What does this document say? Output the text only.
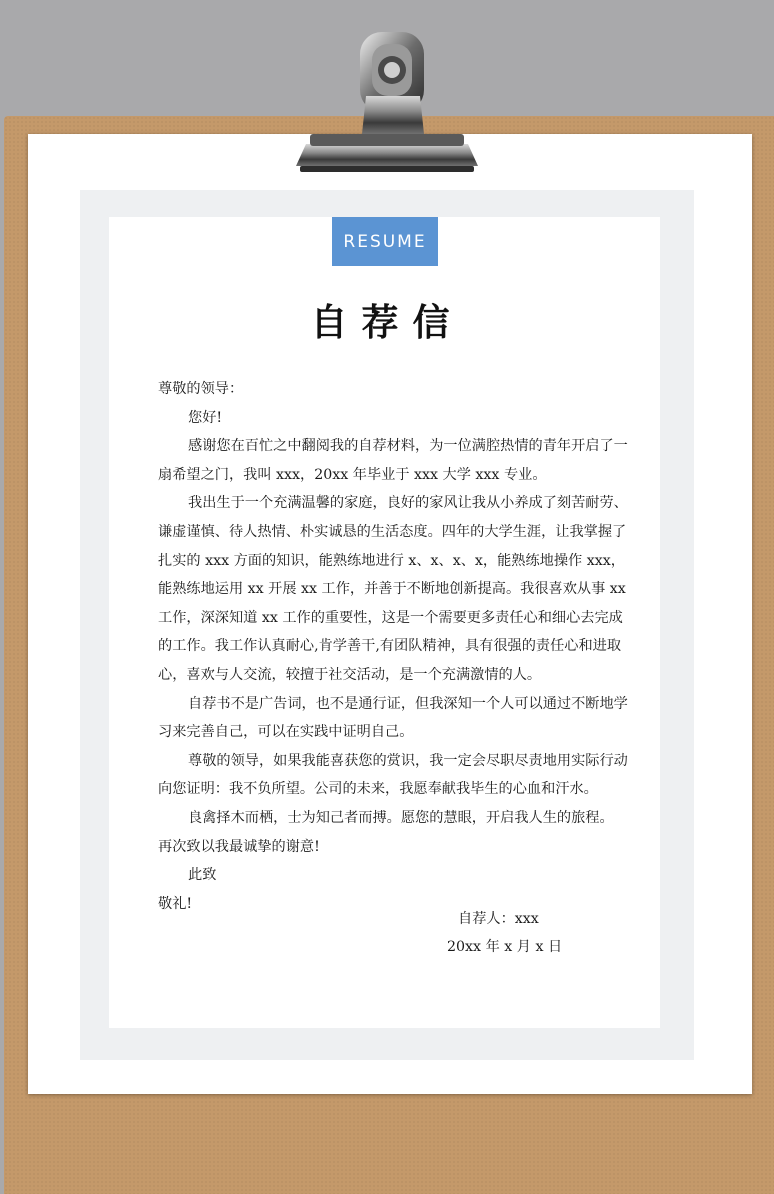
RESUME
自荐信

尊敬的领导：

您好!

感谢您在百忙之中翻阅我的自荐材料，为一位满腔热情的青年开启了一扇希望之门，我叫 xxx，20xx 年毕业于 xxx 大学 xxx 专业。

我出生于一个充满温馨的家庭，良好的家风让我从小养成了刻苦耐劳、谦虚谨慎、待人热情、朴实诚恳的生活态度。四年的大学生涯，让我掌握了扎实的 xxx 方面的知识，能熟练地进行 x、x、x、x，能熟练地操作 xxx，能熟练地运用 xx 开展 xx 工作，并善于不断地创新提高。我很喜欢从事 xx 工作，深深知道 xx 工作的重要性，这是一个需要更多责任心和细心去完成的工作。我工作认真耐心,肯学善干,有团队精神，具有很强的责任心和进取心，喜欢与人交流，较擅于社交活动，是一个充满激情的人。

自荐书不是广告词，也不是通行证，但我深知一个人可以通过不断地学习来完善自己，可以在实践中证明自己。

尊敬的领导，如果我能喜获您的赏识，我一定会尽职尽责地用实际行动向您证明：我不负所望。公司的未来，我愿奉献我毕生的心血和汗水。

良禽择木而栖，士为知己者而搏。愿您的慧眼，开启我人生的旅程。

再次致以我最诚挚的谢意!

此致

敬礼!

自荐人：xxx
20xx 年 x 月 x 日
